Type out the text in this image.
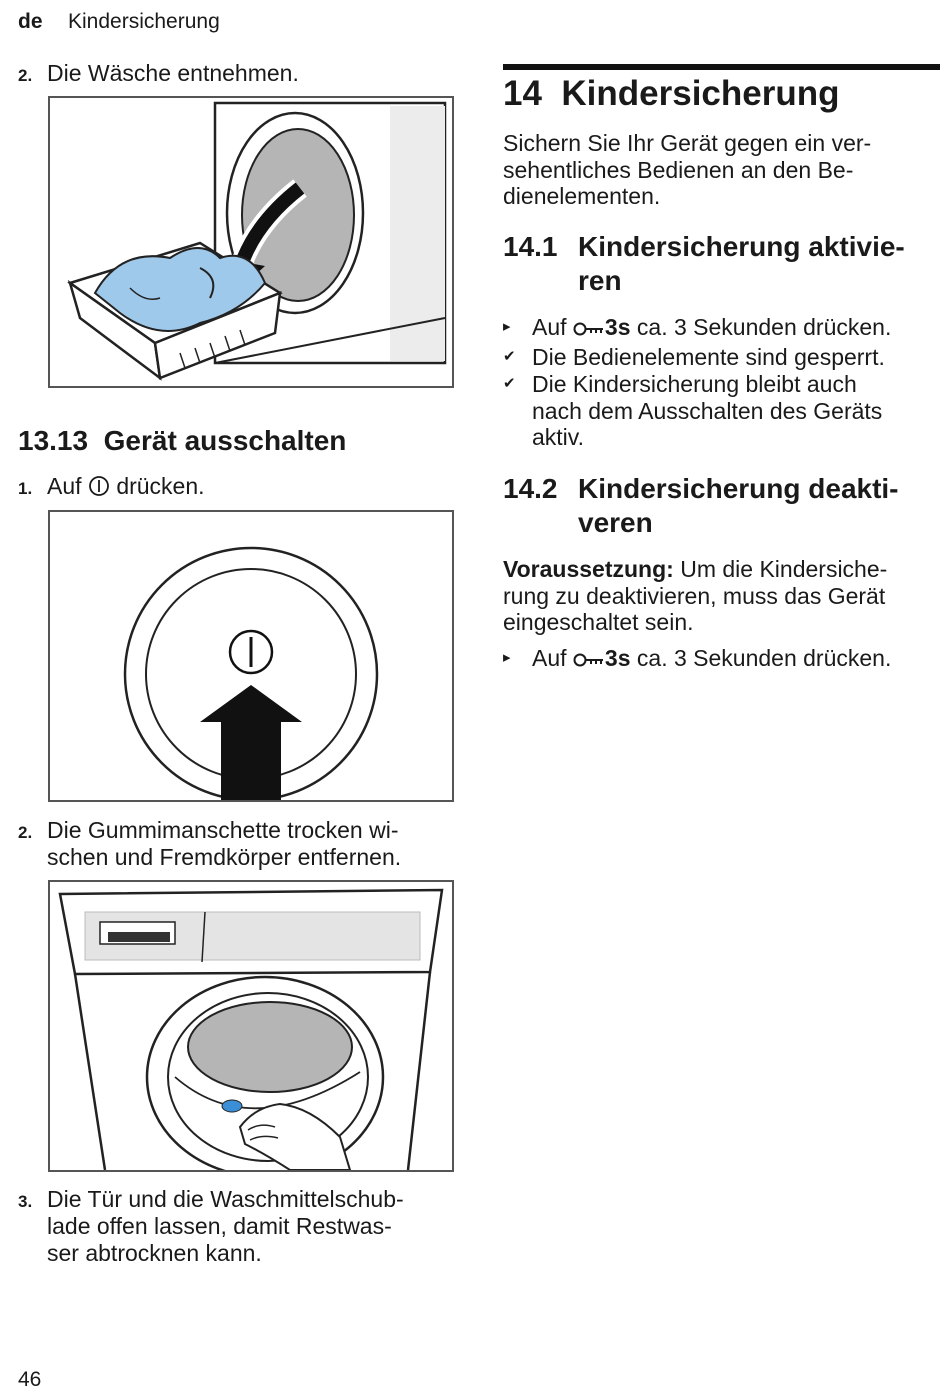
de Kindersicherung
2. Die Wäsche entnehmen.
13.13 Gerät ausschalten
1. Auf drücken.
2. Die Gummimanschette trocken wi-
schen und Fremdkörper entfernen.
3. Die Tür und die Waschmittelschub-
lade offen lassen, damit Restwas-
ser abtrocknen kann.
14 Kindersicherung
Sichern Sie Ihr Gerät gegen ein ver-
sehentliches Bedienen an den Be-
dienelementen.
14.1 Kindersicherung aktivie-
ren
▸ Auf 3s ca. 3 Sekunden drücken.
✔ Die Bedienelemente sind gesperrt.
✔ Die Kindersicherung bleibt auch
nach dem Ausschalten des Geräts
aktiv.
14.2 Kindersicherung deakti-
veren
Voraussetzung: Um die Kindersiche-
rung zu deaktivieren, muss das Gerät
eingeschaltet sein.
▸ Auf 3s ca. 3 Sekunden drücken.
46
